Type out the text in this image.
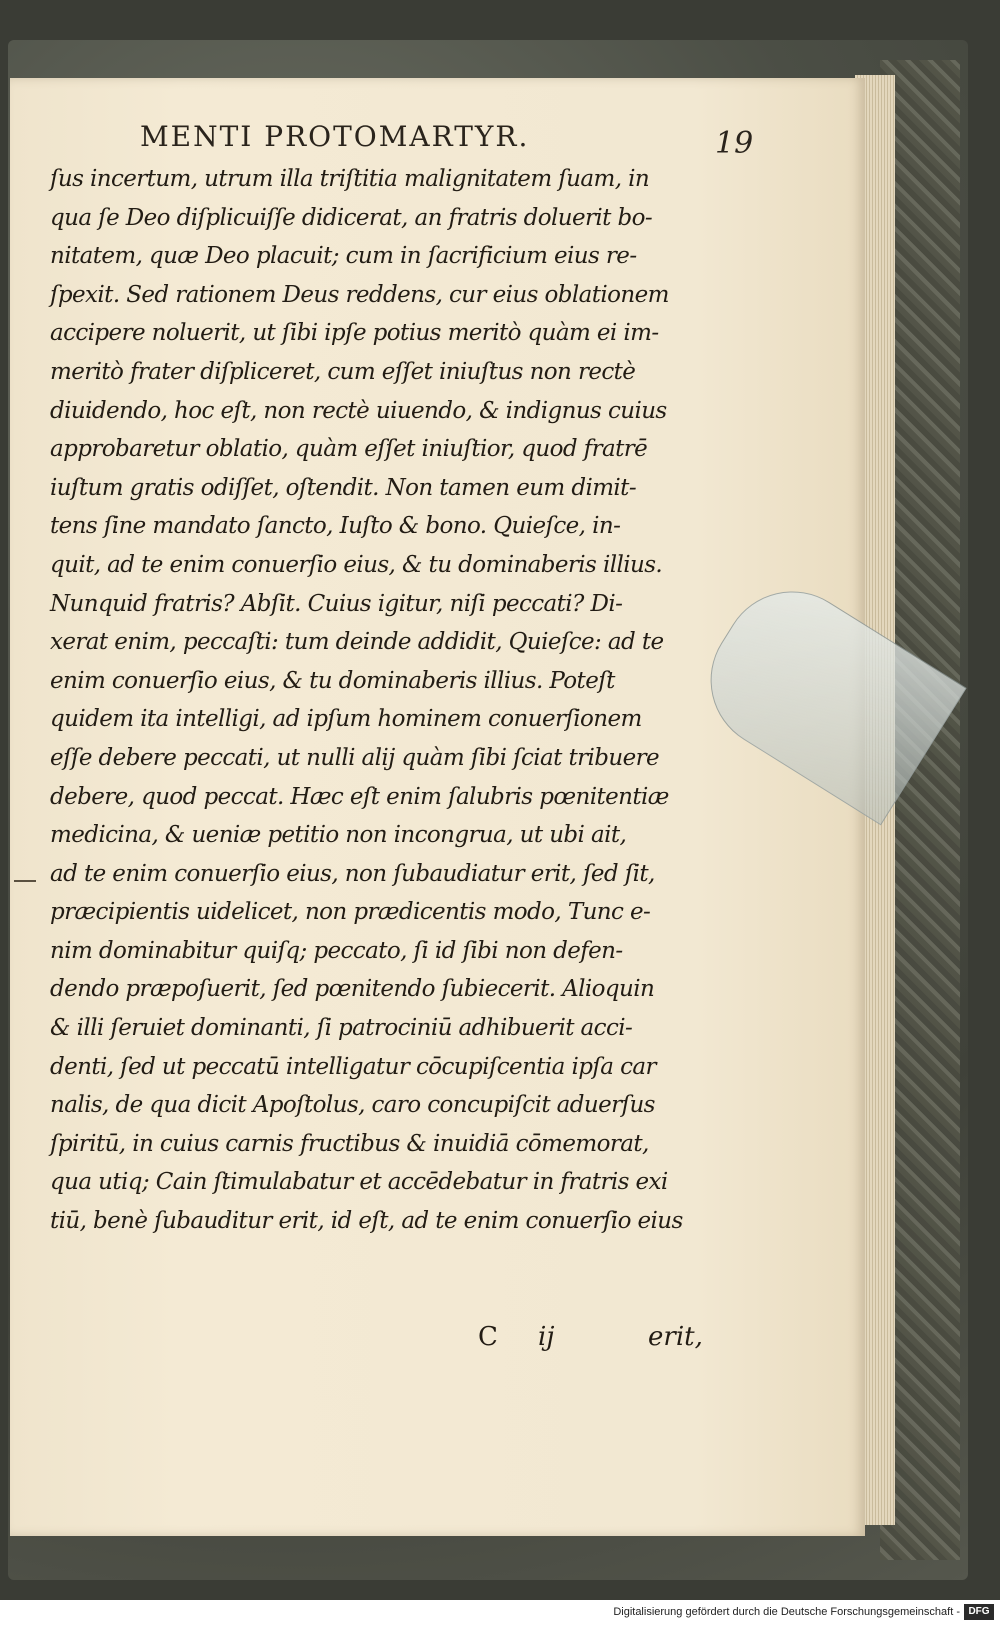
MENTI PROTOMARTYR.	19
ſus incertum, utrum illa triſtitia malignitatem ſuam, in
qua ſe Deo diſplicuiſſe didicerat, an fratris doluerit bo-
nitatem, quæ Deo placuit; cum in ſacrificium eius re-
ſpexit. Sed rationem Deus reddens, cur eius oblationem
accipere noluerit, ut ſibi ipſe potius meritò quàm ei im-
meritò frater diſpliceret, cum eſſet iniuſtus non rectè
diuidendo, hoc eſt, non rectè uiuendo, & indignus cuius
approbaretur oblatio, quàm eſſet iniuſtior, quod fratrē
iuſtum gratis odiſſet, oſtendit. Non tamen eum dimit-
tens ſine mandato ſancto, Iuſto & bono. Quieſce, in-
quit, ad te enim conuerſio eius, & tu dominaberis illius.
Nunquid fratris? Abſit. Cuius igitur, niſi peccati? Di-
xerat enim, peccaſti: tum deinde addidit, Quieſce: ad te
enim conuerſio eius, & tu dominaberis illius. Poteſt
quidem ita intelligi, ad ipſum hominem conuerſionem
eſſe debere peccati, ut nulli alij quàm ſibi ſciat tribuere
debere, quod peccat. Hæc eſt enim ſalubris pœnitentiæ
medicina, & ueniæ petitio non incongrua, ut ubi ait,
ad te enim conuerſio eius, non ſubaudiatur erit, ſed ſit,
præcipientis uidelicet, non prædicentis modo, Tunc e-
nim dominabitur quiſq; peccato, ſi id ſibi non defen-
dendo præpoſuerit, ſed pœnitendo ſubiecerit. Alioquin
& illi ſeruiet dominanti, ſi patrociniū adhibuerit acci-
denti, ſed ut peccatū intelligatur cōcupiſcentia ipſa car
nalis, de qua dicit Apoſtolus, caro concupiſcit aduerſus
ſpiritū, in cuius carnis fructibus & inuidiā cōmemorat,
qua utiq; Cain ſtimulabatur et accēdebatur in fratris exi
tiū, benè ſubauditur erit, id eſt, ad te enim conuerſio eius
C ij	erit,
Digitalisierung gefördert durch die Deutsche Forschungsgemeinschaft - DFG
